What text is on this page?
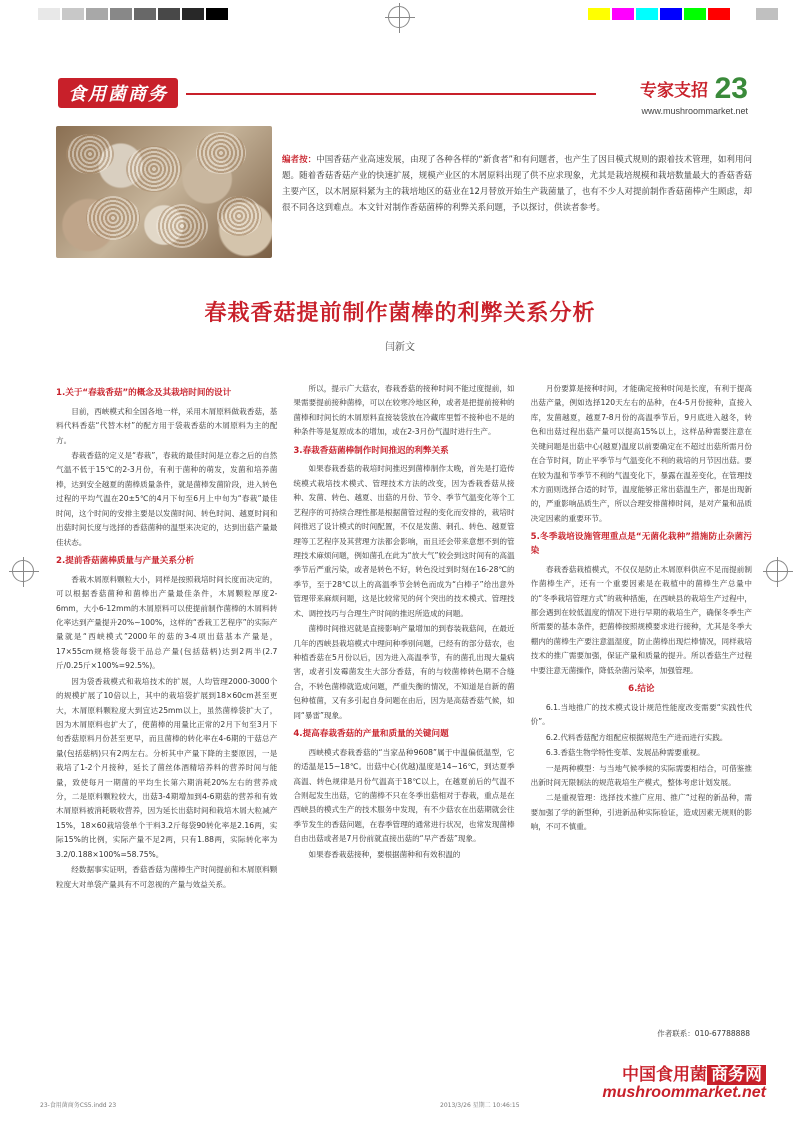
食用菌商务	专家支招 23
www.mushroommarket.net
编者按：中国香菇产业高速发展，由现了各种各样的“新食者”和有问题者，也产生了因目模式规则的跟着技术管理，如利用问题。随着香菇香菇产业的快速扩展，规模产业区的木屑原料出现了供不应求现象，尤其是栽培规模和栽培数量最大的香菇香菇主要产区，以木屑原料紧为主的栽培地区的菇业在12月替放开始生产栽菌量了，也有不少人对提前制作香菇菌棒产生顾虑，却很不同各这到难点。本文针对制作香菇菌棒的利弊关系问题，予以探讨，供读者参考。
春栽香菇提前制作菌棒的利弊关系分析
闫新文
1.关于“春栽香菇”的概念及其栽培时间的设计

目前，西峡模式和全国各地一样，采用木屑原料做栽香菇，基料代料香菇“代替木材”的配方用于袋栽香菇的木屑原料为主的配方。

春栽香菇的定义是“春栽”，春栽的最佳时间是立春之后的自然气温不低于15℃的2-3月份，有利于菌种的萌发，发菌和培养菌棒，达到安全越夏的菌棒质量条件，就是菌棒发菌阶段，进入转色过程的平均气温在20±5℃的4月下旬至6月上中旬为“春栽”最佳时间，这个时间的安排主要是以发菌时间、转色时间、越夏时间和出菇时间长度与选择的香菇菌种的温型来决定的，达到出菇产量最佳状态。

2.提前香菇菌棒质量与产量关系分析

香栽木屑原料颗粒大小，同样是按照栽培时间长度而决定的，可以根据香菇菌种和菌棒出产量最佳条件，木屑颗粒厚度2-6mm，大小6-12mm的木屑原料可以使提前制作菌棒的木屑料转化率达到产量提升20%~100%，这样的“香栽工艺程序”的实际产量就是“西峡模式”2000年的菇的3-4项出菇基本产量是，17×55cm规格袋每袋干品总产量(包括菇柄)达到2两半(2.7斤/0.25斤×100%=92.5%)。

因为袋香栽模式和栽培技术的扩展，人均管理2000-3000个的规模扩展了10倍以上，其中的栽培袋扩展到18×60cm甚至更大，木屑原料颗粒度大到宜达25mm以上，虽然菌棒袋扩大了，因为木屑原料也扩大了，使菌棒的用量比正常的2月下旬至3月下旬香菇原料月份甚至更早，而且菌棒的转化率在4-6期的干菇总产量(包括菇柄)只有2两左右。分析其中产量下降的主要原因，一是栽培了1-2个月接种，延长了菌丝体酒精培养料的营养时间与能量，致使每月一期菌的平均生长第六期消耗20%左右的营养成分，二是原料颗粒较大，出菇3-4期增加到4-6期菇的营养和有效木屑原料被消耗吸收营养，因为延长出菇时间和栽培木屑大粒减产15%，18×60栽培袋单个干料3.2斤每袋90转化率是2.16两，实际15%的比例，实际产量不足2两，只有1.88两，实际转化率为3.2/0.188×100%=58.75%。

经数据事实证明，香菇香菇为菌棒生产时间提前和木屑原料颗粒度大对单袋产量具有不可忽视的产量与效益关系。

所以，提示广大菇农，春栽香菇的接种时间不能过度提前，如果需要提前接种菌棒，可以在较寒冷地区种，或者是把提前接种的菌棒和时间长的木屑原料直接装袋放在冷藏库里暂不接种也不是的种条件等是复原成本的增加，或在2-3月份气温时进行生产。

3.春栽香菇菌棒制作时间推迟的利弊关系

如果春栽香菇的栽培时间推迟到菌棒制作太晚，首先是打造传统模式栽培技术模式、管理技术方法的改变，因为香栽香菇从接种、发菌、转色、越夏、出菇的月份、节令、季节气温变化等个工艺程序的可持续合理性都是根据菌管过程的变化而安排的，栽培时间推迟了设计模式的时间配置，不仅是发菌、刺孔、转色、越夏管理等工艺程序及其营理方法都会影响，而且还会带来意想不到的管理技术麻烦问题，例如菌孔在此为“放大气”较会到这时间有的高温季节后严重污染，或者是转色不好，转色没过到时刻在16-28℃的季节，至于28℃以上的高温季节会转色而成为“白棒子”给出意外管理带来麻烦问题，这是比较常见的何个突出的技术模式、管理技术、调控技巧与合理生产时间的推迟所造成的问题。

菌棒时间推迟就是直接影响产量增加的到春装栽菇间，在最近几年的西峡县栽培模式中理问种季别问题，已经有的部分菇农，也种植香菇在5月份以后，因为进入高温季节，有的菌孔出现大量病害，或者引发霉菌发生大部分香菇，有的与较菌棒转色期不合缝合，不转色菌棒就造成问题，严重失衡的情况，不知道是自新的菌包种植菌，又有多引起自身问题在由后，因为是高菇香菇气候，如同“暴雷”现象。

4.提高春栽香菇的产量和质量的关键问题

西峡模式春栽香菇的“当家品种9608”属于中温偏低温型，它的适温是15~18℃。出菇中心(优越)温度是14~16℃，到达夏季高温、转色规律是月份气温高于18℃以上，在越夏前后的气温不合则起发生出菇，它的菌棒不只在冬季出菇相对于春栽，重点是在西峡县的模式生产的技术服务中发现，有不少菇农在出菇期就会往季节发生的香菇问题，在春季管理的通常进行状况，也常发现菌棒自由出菇或者是7月份前就直接出菇的“早产香菇”现象。

如果春香栽菇接种，要根据菌种和有效积温的

月份要算是接种时间，才能确定接种时间是长度，有利于提高出菇产量，例如选择120天左右的品种，在4-5月份接种，直接入库，发菌越夏，越夏7-8月份的高温季节后，9月底进入越冬，转色和出菇过程出菇产量可以提高15%以上，这样品种需要注意在关键问题是出菇中心(越夏)温度以前要确定在不超过出菇所需月份在合节时间，防止平季节与气温变化不利的栽培的月节因出菇。要在较为温和节季节不利的气温变化下，暴露在温差变化，在管理技术方面则选择合适的时节，温度能够正常出菇温生产，都是出现新的，严重影响品质生产，所以合理安排菌棒时间，是对产量和品质决定因素的重要环节。

5.冬季栽培设施管理重点是“无菌化栽种”措施防止杂菌污染

春栽香菇栽植模式，不仅仅是防止木屑原料供应不足而提前制作菌棒生产，还有一个重要因素是在栽植中的菌棒生产总量中的“冬季栽培管理方式”的栽种措施，在西峡县的栽培生产过程中，都会遇到在较低温度的情况下进行早期的栽培生产，确保冬季生产所需要的基本条件，把菌棒按照规模要求进行接种，尤其是冬季大棚内的菌棒生产要注意温湿度，防止菌棒出现烂棒情况，同样栽培技术的推广需要加强，保证产量和质量的提升。所以香菇生产过程中要注意无菌操作，降低杂菌污染率，加强管理。

6.结论

6.1.当地推广的技术模式设计规范性能度改变需要“实践性代价”。

6.2.代料香菇配方组配应根据规范生产进而进行实践。

6.3.香菇生物学特性变革、发展品种需要重视。

一是两种模型：与当地气候季候的实际需要相结合，可借鉴推出新时间无限制法的规范栽培生产模式，整体考虑计划发展。

二是重视管理：选择技术推广应用、推广“过程的新品种，需要加强了学的新型种，引进新品种实际验证，造成因素无规则的影响，不可不慎重。

作者联系：010-67788888
中国食用菌 商务网
mushroommarket.net
23-食用菌商务CS5.indd 23	2013/3/26 星期二 10:46:15
